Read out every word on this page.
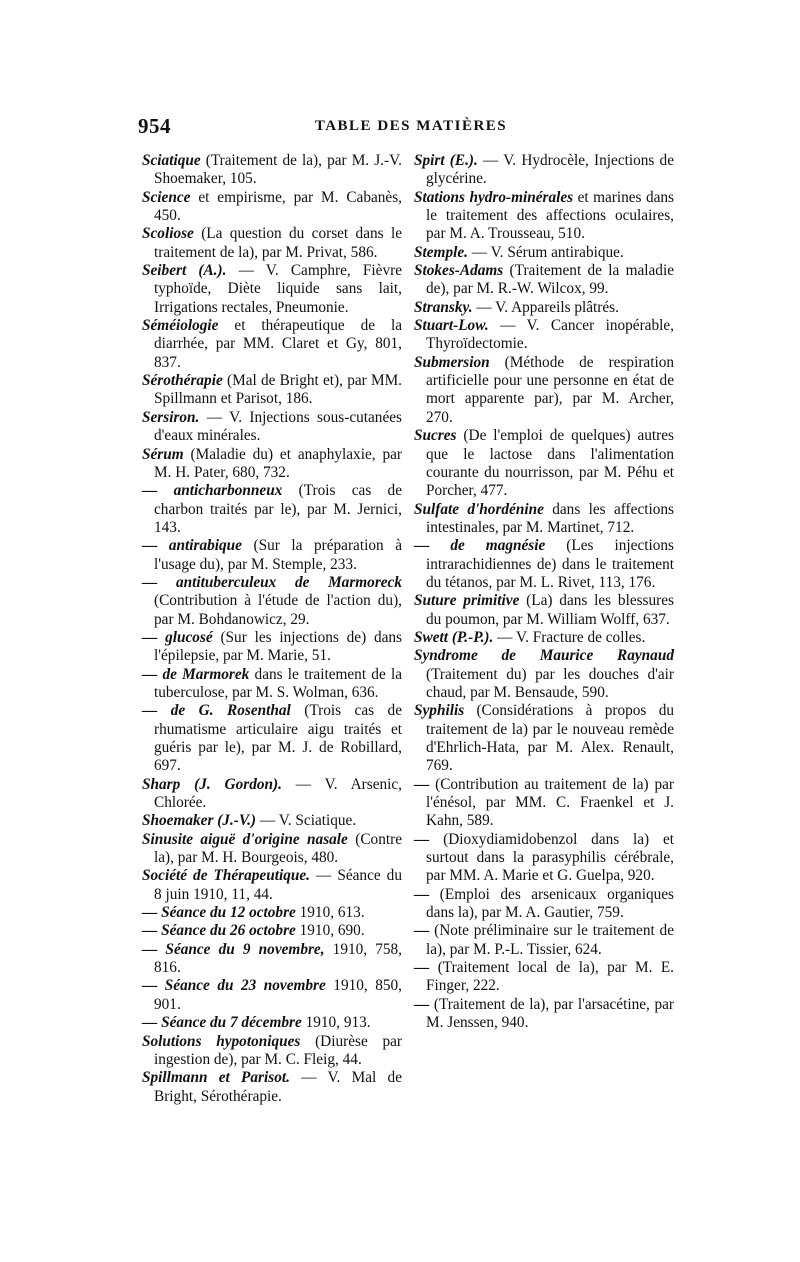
954	TABLE DES MATIÈRES

Sciatique (Traitement de la), par M. J.-V. Shoemaker, 105.

Science et empirisme, par M. Cabanès, 450.

Scoliose (La question du corset dans le traitement de la), par M. Privat, 586.

Seibert (A.). — V. Camphre, Fièvre typhoïde, Diète liquide sans lait, Irrigations rectales, Pneumonie.

Séméiologie et thérapeutique de la diarrhée, par MM. Claret et Gy, 801, 837.

Sérothérapie (Mal de Bright et), par MM. Spillmann et Parisot, 186.

Sersiron. — V. Injections sous-cutanées d'eaux minérales.

Sérum (Maladie du) et anaphylaxie, par M. H. Pater, 680, 732.

— anticharbonneux (Trois cas de charbon traités par le), par M. Jernici, 143.

— antirabique (Sur la préparation à l'usage du), par M. Stemple, 233.

— antituberculeux de Marmoreck (Contribution à l'étude de l'action du), par M. Bohdanowicz, 29.

— glucosé (Sur les injections de) dans l'épilepsie, par M. Marie, 51.

— de Marmorek dans le traitement de la tuberculose, par M. S. Wolman, 636.

— de G. Rosenthal (Trois cas de rhumatisme articulaire aigu traités et guéris par le), par M. J. de Robillard, 697.

Sharp (J. Gordon). — V. Arsenic, Chlorée.

Shoemaker (J.-V.) — V. Sciatique.

Sinusite aiguë d'origine nasale (Contre la), par M. H. Bourgeois, 480.

Société de Thérapeutique. — Séance du 8 juin 1910, 11, 44.

— Séance du 12 octobre 1910, 613.

— Séance du 26 octobre 1910, 690.

— Séance du 9 novembre, 1910, 758, 816.

— Séance du 23 novembre 1910, 850, 901.

— Séance du 7 décembre 1910, 913.

Solutions hypotoniques (Diurèse par ingestion de), par M. C. Fleig, 44.

Spillmann et Parisot. — V. Mal de Bright, Sérothérapie.

Spirt (E.). — V. Hydrocèle, Injections de glycérine.

Stations hydro-minérales et marines dans le traitement des affections oculaires, par M. A. Trousseau, 510.

Stemple. — V. Sérum antirabique.

Stokes-Adams (Traitement de la maladie de), par M. R.-W. Wilcox, 99.

Stransky. — V. Appareils plâtrés.

Stuart-Low. — V. Cancer inopérable, Thyroïdectomie.

Submersion (Méthode de respiration artificielle pour une personne en état de mort apparente par), par M. Archer, 270.

Sucres (De l'emploi de quelques) autres que le lactose dans l'alimentation courante du nourrisson, par M. Péhu et Porcher, 477.

Sulfate d'hordénine dans les affections intestinales, par M. Martinet, 712.

— de magnésie (Les injections intrarachidiennes de) dans le traitement du tétanos, par M. L. Rivet, 113, 176.

Suture primitive (La) dans les blessures du poumon, par M. William Wolff, 637.

Swett (P.-P.). — V. Fracture de colles.

Syndrome de Maurice Raynaud (Traitement du) par les douches d'air chaud, par M. Bensaude, 590.

Syphilis (Considérations à propos du traitement de la) par le nouveau remède d'Ehrlich-Hata, par M. Alex. Renault, 769.

— (Contribution au traitement de la) par l'énésol, par MM. C. Fraenkel et J. Kahn, 589.

— (Dioxydiamidobenzol dans la) et surtout dans la parasyphilis cérébrale, par MM. A. Marie et G. Guelpa, 920.

— (Emploi des arsenicaux organiques dans la), par M. A. Gautier, 759.

— (Note préliminaire sur le traitement de la), par M. P.-L. Tissier, 624.

— (Traitement local de la), par M. E. Finger, 222.

— (Traitement de la), par l'arsacétine, par M. Jenssen, 940.
